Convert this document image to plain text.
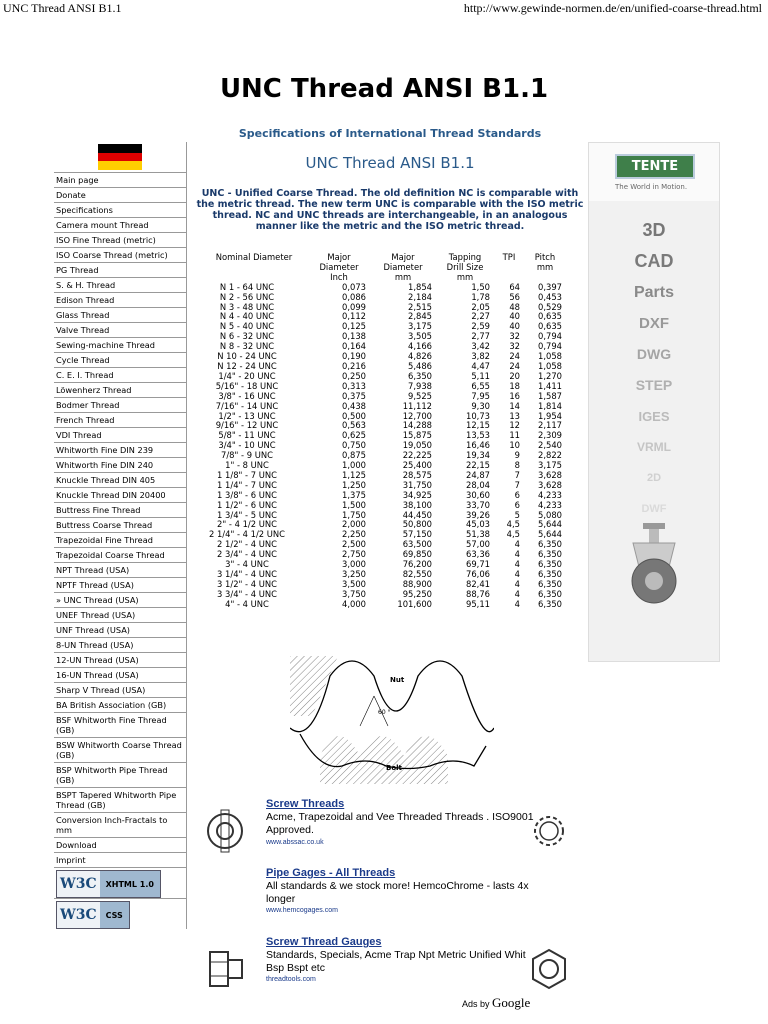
UNC Thread ANSI B1.1	http://www.gewinde-normen.de/en/unified-coarse-thread.html
UNC Thread ANSI B1.1
Specifications of International Thread Standards
Main page
Donate
Specifications
Camera mount Thread
ISO Fine Thread (metric)
ISO Coarse Thread (metric)
PG Thread
S. & H. Thread
Edison Thread
Glass Thread
Valve Thread
Sewing-machine Thread
Cycle Thread
C. E. I. Thread
Löwenherz Thread
Bodmer Thread
French Thread
VDI Thread
Whitworth Fine DIN 239
Whitworth Fine DIN 240
Knuckle Thread DIN 405
Knuckle Thread DIN 20400
Buttress Fine Thread
Buttress Coarse Thread
Trapezoidal Fine Thread
Trapezoidal Coarse Thread
NPT Thread (USA)
NPTF Thread (USA)
» UNC Thread (USA)
UNEF Thread (USA)
UNF Thread (USA)
8-UN Thread (USA)
12-UN Thread (USA)
16-UN Thread (USA)
Sharp V Thread (USA)
BA British Association (GB)
BSF Whitworth Fine Thread (GB)
BSW Whitworth Coarse Thread (GB)
BSP Whitworth Pipe Thread (GB)
BSPT Tapered Whitworth Pipe Thread (GB)
Conversion Inch-Fractals to mm
Download
Imprint
W3C	XHTML 1.0
W3C	CSS
UNC Thread ANSI B1.1
UNC - Unified Coarse Thread. The old definition NC is comparable with the metric thread. The new term UNC is comparable with the ISO metric thread. NC and UNC threads are interchangeable, in an analogous manner like the metric and the ISO metric thread.
Nominal Diameter	Major Diameter Inch	Major Diameter mm	Tapping Drill Size mm	TPI	Pitch mm
N 1 - 64 UNC	0,073	1,854	1,50	64	0,397
N 2 - 56 UNC	0,086	2,184	1,78	56	0,453
N 3 - 48 UNC	0,099	2,515	2,05	48	0,529
N 4 - 40 UNC	0,112	2,845	2,27	40	0,635
N 5 - 40 UNC	0,125	3,175	2,59	40	0,635
N 6 - 32 UNC	0,138	3,505	2,77	32	0,794
N 8 - 32 UNC	0,164	4,166	3,42	32	0,794
N 10 - 24 UNC	0,190	4,826	3,82	24	1,058
N 12 - 24 UNC	0,216	5,486	4,47	24	1,058
1/4" - 20 UNC	0,250	6,350	5,11	20	1,270
5/16" - 18 UNC	0,313	7,938	6,55	18	1,411
3/8" - 16 UNC	0,375	9,525	7,95	16	1,587
7/16" - 14 UNC	0,438	11,112	9,30	14	1,814
1/2" - 13 UNC	0,500	12,700	10,73	13	1,954
9/16" - 12 UNC	0,563	14,288	12,15	12	2,117
5/8" - 11 UNC	0,625	15,875	13,53	11	2,309
3/4" - 10 UNC	0,750	19,050	16,46	10	2,540
7/8" - 9 UNC	0,875	22,225	19,34	9	2,822
1" - 8 UNC	1,000	25,400	22,15	8	3,175
1 1/8" - 7 UNC	1,125	28,575	24,87	7	3,628
1 1/4" - 7 UNC	1,250	31,750	28,04	7	3,628
1 3/8" - 6 UNC	1,375	34,925	30,60	6	4,233
1 1/2" - 6 UNC	1,500	38,100	33,70	6	4,233
1 3/4" - 5 UNC	1,750	44,450	39,26	5	5,080
2" - 4 1/2 UNC	2,000	50,800	45,03	4,5	5,644
2 1/4" - 4 1/2 UNC	2,250	57,150	51,38	4,5	5,644
2 1/2" - 4 UNC	2,500	63,500	57,00	4	6,350
2 3/4" - 4 UNC	2,750	69,850	63,36	4	6,350
3" - 4 UNC	3,000	76,200	69,71	4	6,350
3 1/4" - 4 UNC	3,250	82,550	76,06	4	6,350
3 1/2" - 4 UNC	3,500	88,900	82,41	4	6,350
3 3/4" - 4 UNC	3,750	95,250	88,76	4	6,350
4" - 4 UNC	4,000	101,600	95,11	4	6,350
Nut
60 °
Bolt
Screw Threads
Acme, Trapezoidal and Vee Threaded Threads . ISO9001 Approved.
www.abssac.co.uk
Pipe Gages - All Threads
All standards & we stock more! HemcoChrome - lasts 4x longer
www.hemcogages.com
Screw Thread Gauges
Standards, Specials, Acme Trap Npt Metric Unified Whit Bsp Bspt etc
threadtools.com
Ads by Google
TENTE
The World in Motion.
3D
CAD
Parts
DXF
DWG
STEP
IGES
VRML
2D
DWF
